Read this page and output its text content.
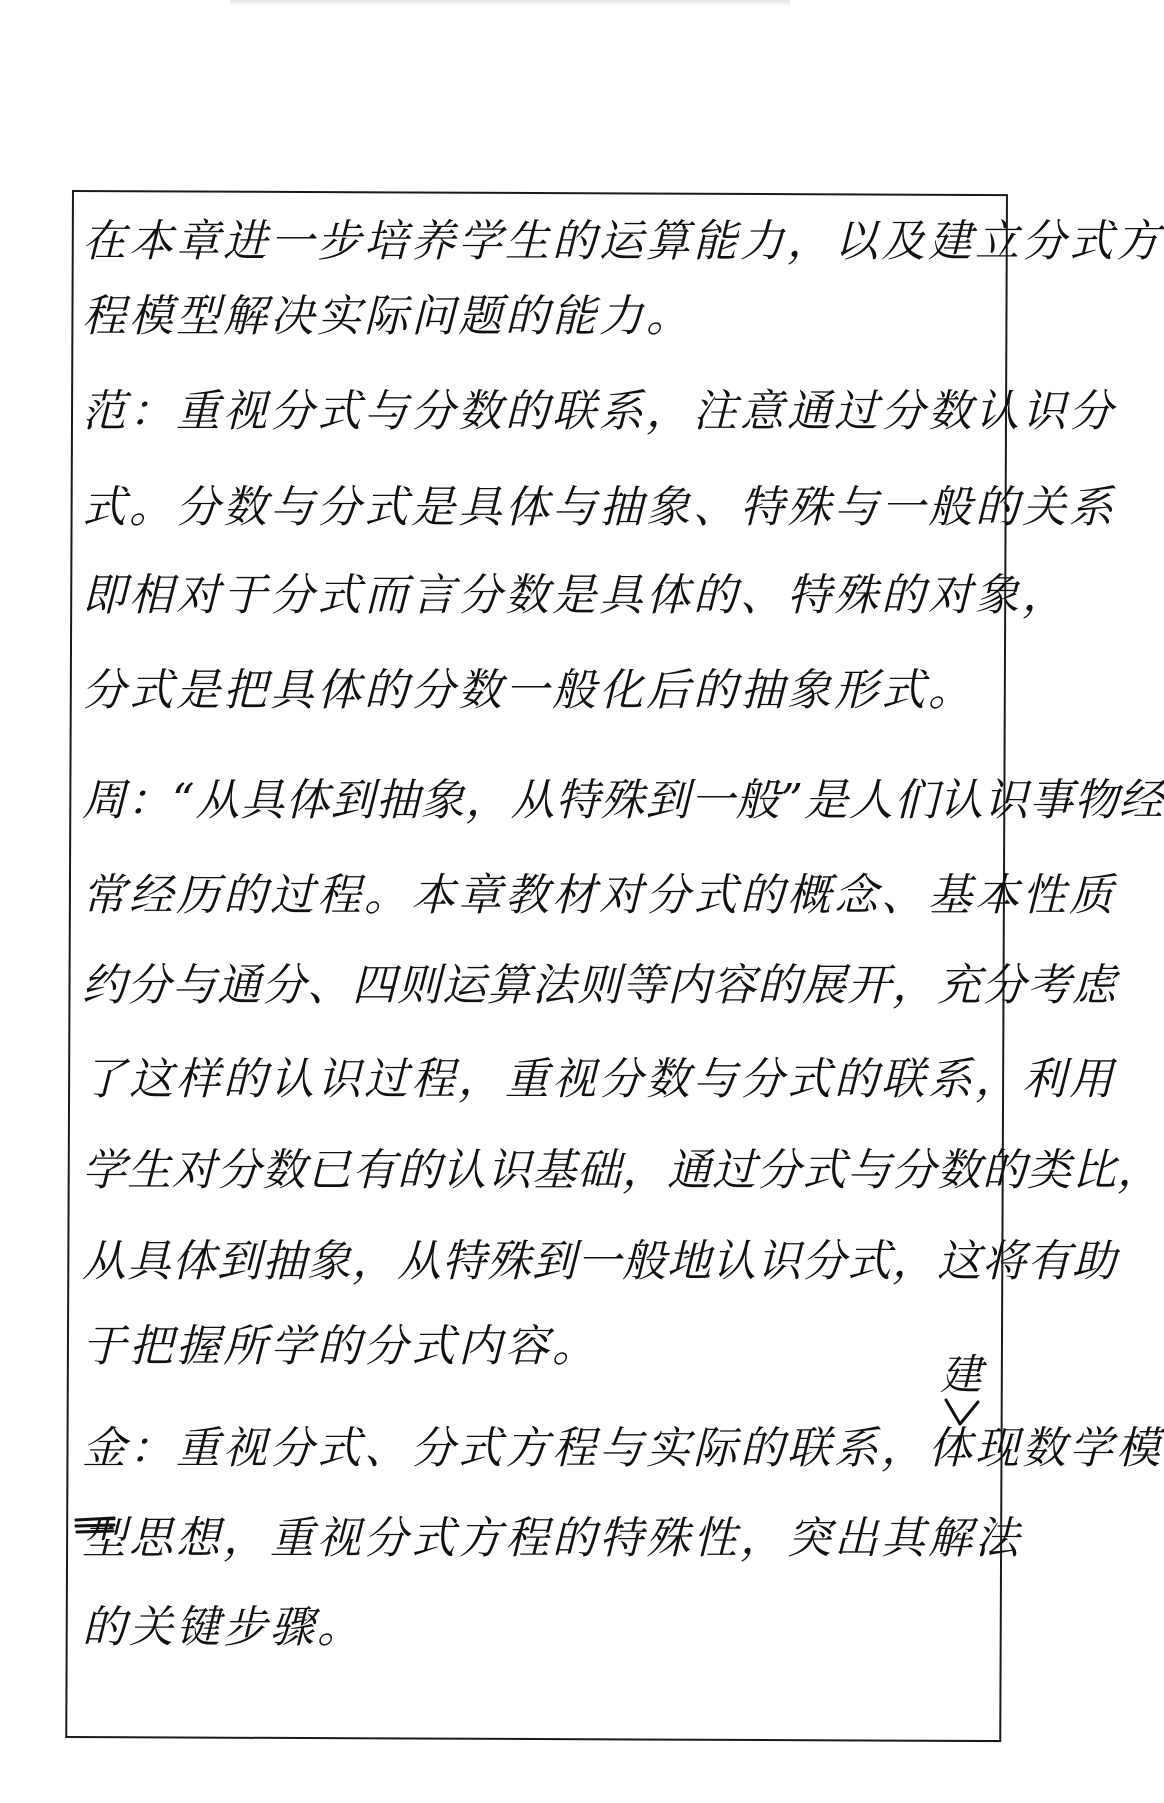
在本章进一步培养学生的运算能力，以及建立分式方

程模型解决实际问题的能力。

范：重视分式与分数的联系，注意通过分数认识分

式。分数与分式是具体与抽象、特殊与一般的关系

即相对于分式而言分数是具体的、特殊的对象，

分式是把具体的分数一般化后的抽象形式。

周：“从具体到抽象，从特殊到一般”是人们认识事物经

常经历的过程。本章教材对分式的概念、基本性质

约分与通分、四则运算法则等内容的展开，充分考虑

了这样的认识过程，重视分数与分式的联系，利用

学生对分数已有的认识基础，通过分式与分数的类比，

从具体到抽象，从特殊到一般地认识分式，这将有助

于把握所学的分式内容。

建

金：重视分式、分式方程与实际的联系，体现数学模

型思想，重视分式方程的特殊性，突出其解法

的关键步骤。
